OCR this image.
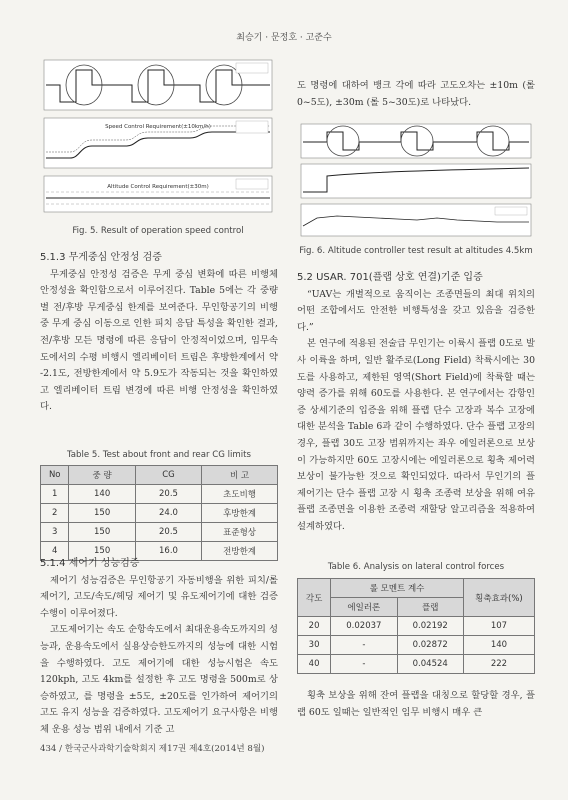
최승기 · 문정호 · 고준수
Speed Control Requirement(±10km/h)
Altitude Control Requirement(±30m)
Fig. 5. Result of operation speed control
5.1.3 무게중심 안정성 검증

무게중심 안정성 검증은 무게 중심 변화에 따른 비행체 안정성을 확인함으로서 이루어진다. Table 5에는 각 중량별 전/후방 무게중심 한계를 보여준다. 무인항공기의 비행 중 무게 중심 이동으로 인한 피치 응답 특성을 확인한 결과, 전/후방 모든 명령에 따른 응답이 안정적이었으며, 임무속도에서의 수평 비행시 엘리베이터 트림은 후방한계에서 약 -2.1도, 전방한계에서 약 5.9도가 작동되는 것을 확인하였고 엘리베이터 트림 변경에 따른 비행 안정성을 확인하였다.

Table 5. Test about front and rear CG limits
No	중 량	CG	비 고
1	140	20.5	초도비행
2	150	24.0	후방한계
3	150	20.5	표준형상
4	150	16.0	전방한계
5.1.4 제어기 성능검증

제어기 성능검증은 무인항공기 자동비행을 위한 피치/롤 제어기, 고도/속도/헤딩 제어기 및 유도제어기에 대한 검증 수행이 이루어졌다.

고도제어기는 속도 순항속도에서 최대운용속도까지의 성능과, 운용속도에서 실용상승한도까지의 성능에 대한 시험을 수행하였다. 고도 제어기에 대한 성능시험은 속도 120kph, 고도 4km를 설정한 후 고도 명령을 500m로 상승하였고, 를 명령을 ±5도, ±20도를 인가하여 제어기의 고도 유지 성능을 검증하였다. 고도제어기 요구사항은 비행체 운용 성능 범위 내에서 기준 고

도 명령에 대하여 뱅크 각에 따라 고도오차는 ±10m (롤 0~5도), ±30m (롤 5~30도)로 나타났다.

Fig. 6. Altitude controller test result at altitudes 4.5km
5.2 USAR. 701(플랩 상호 연결)기준 입증

“UAV는 개별적으로 움직이는 조종면들의 최대 위치의 어떤 조합에서도 안전한 비행특성을 갖고 있음을 검증한다.”

본 연구에 적용된 전술급 무인기는 이륙시 플랩 0도로 발사 이륙을 하며, 일반 활주로(Long Field) 착륙시에는 30도를 사용하고, 제한된 영역(Short Field)에 착륙할 때는 양력 증가를 위해 60도를 사용한다. 본 연구에서는 감항인증 상세기준의 입증을 위해 플랩 단수 고장과 복수 고장에 대한 분석을 Table 6과 같이 수행하였다. 단수 플랩 고장의 경우, 플랩 30도 고장 범위까지는 좌우 에일러론으로 보상이 가능하지만 60도 고장시에는 에일러론으로 횡축 제어력 보상이 불가능한 것으로 확인되었다. 따라서 무인기의 플 제어기는 단수 플랩 고장 시 횡축 조종력 보상을 위해 여유 플랩 조종면을 이용한 조종력 재할당 알고리즘을 적용하여 설계하였다.

Table 6. Analysis on lateral control forces
각도	롤 모멘트 계수		횡축효과(%)
	에일러론	플랩	
20	0.02037	0.02192	107
30	-	0.02872	140
40	-	0.04524	222

횡축 보상을 위해 잔여 플랩을 대칭으로 할당할 경우, 플랩 60도 일때는 일반적인 임무 비행시 매우 큰

434 / 한국군사과학기술학회지 제17권 제4호(2014년 8월)
